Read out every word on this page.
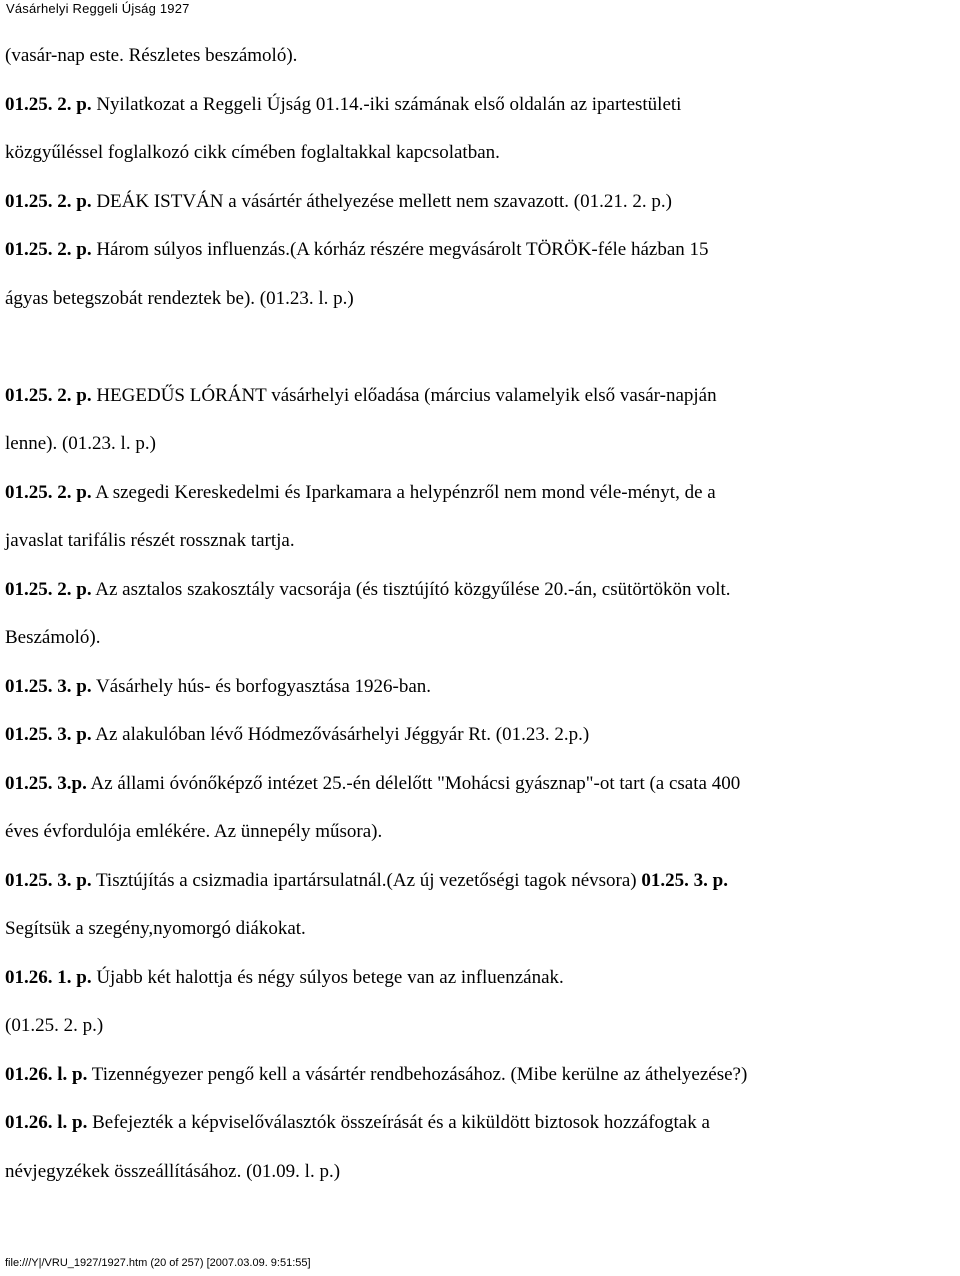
Vásárhelyi Reggeli Újság 1927
(vasár-nap este. Részletes beszámoló).
01.25. 2. p. Nyilatkozat a Reggeli Újság 01.14.-iki számának első oldalán az ipartestületi
közgyűléssel foglalkozó cikk címében foglaltakkal kapcsolatban.
01.25. 2. p. DEÁK ISTVÁN a vásártér áthelyezése mellett nem szavazott. (01.21. 2. p.)
01.25. 2. p. Három súlyos influenzás.(A kórház részére megvásárolt TÖRÖK-féle házban 15
ágyas betegszobát rendeztek be). (01.23. l. p.)
01.25. 2. p. HEGEDŰS LÓRÁNT vásárhelyi előadása (március valamelyik első vasár-napján
lenne). (01.23. l. p.)
01.25. 2. p. A szegedi Kereskedelmi és Iparkamara a helypénzről nem mond véle-ményt, de a
javaslat tarifális részét rossznak tartja.
01.25. 2. p. Az asztalos szakosztály vacsorája (és tisztújító közgyűlése 20.-án, csütörtökön volt.
Beszámoló).
01.25. 3. p. Vásárhely hús- és borfogyasztása 1926-ban.
01.25. 3. p. Az alakulóban lévő Hódmezővásárhelyi Jéggyár Rt. (01.23. 2.p.)
01.25. 3.p. Az állami óvónőképző intézet 25.-én délelőtt "Mohácsi gyásznap"-ot tart (a csata 400
éves évfordulója emlékére. Az ünnepély műsora).
01.25. 3. p. Tisztújítás a csizmadia ipartársulatnál.(Az új vezetőségi tagok névsora) 01.25. 3. p.
Segítsük a szegény,nyomorgó diákokat.
01.26. 1. p. Újabb két halottja és négy súlyos betege van az influenzának.
(01.25. 2. p.)
01.26. l. p. Tizennégyezer pengő kell a vásártér rendbehozásához. (Mibe kerülne az áthelyezése?)
01.26. l. p. Befejezték a képviselőválasztók összeírását és a kiküldött biztosok hozzáfogtak a
névjegyzékek összeállításához. (01.09. l. p.)
file:///Y|/VRU_1927/1927.htm (20 of 257) [2007.03.09. 9:51:55]
